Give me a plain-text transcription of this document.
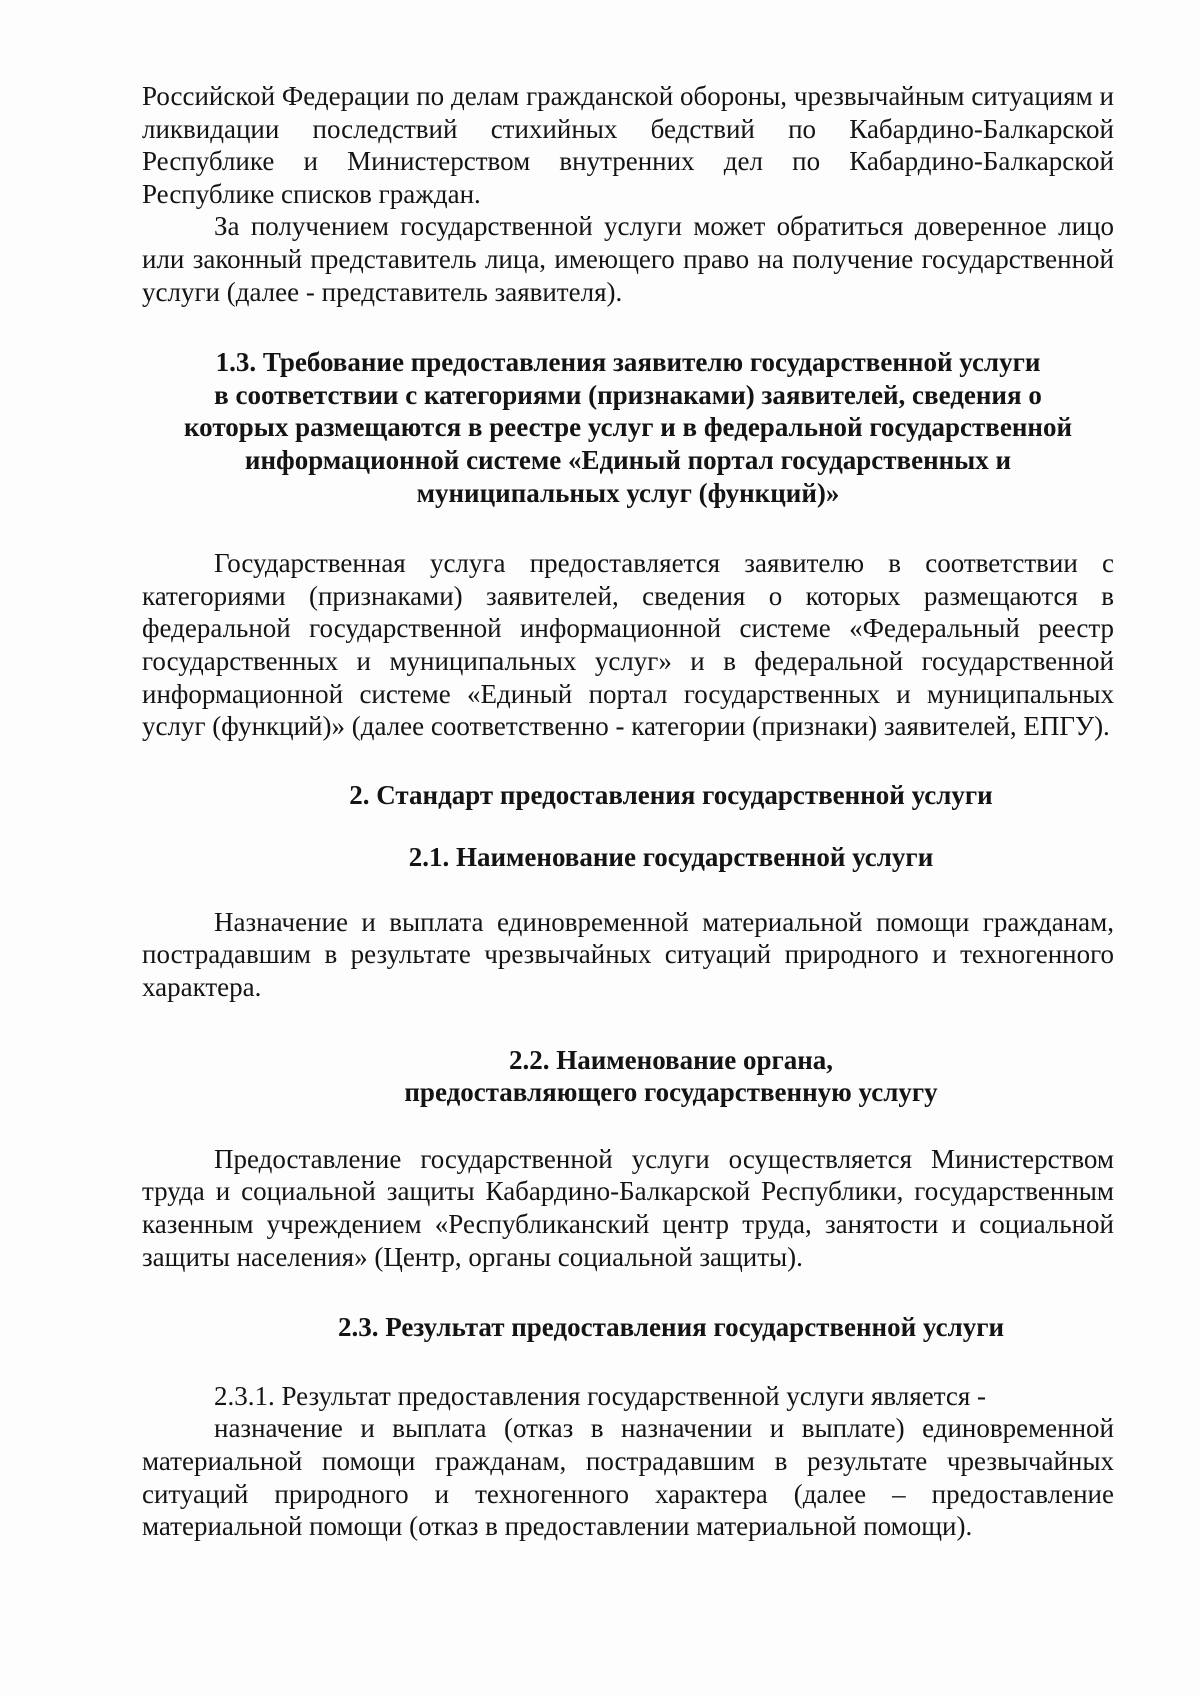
Российской Федерации по делам гражданской обороны, чрезвычайным ситуациям и ликвидации последствий стихийных бедствий по Кабардино-Балкарской Республике и Министерством внутренних дел по Кабардино-Балкарской Республике списков граждан.

За получением государственной услуги может обратиться доверенное лицо или законный представитель лица, имеющего право на получение государственной услуги (далее - представитель заявителя).

1.3. Требование предоставления заявителю государственной услуги
в соответствии с категориями (признаками) заявителей, сведения о
которых размещаются в реестре услуг и в федеральной государственной
информационной системе «Единый портал государственных и
муниципальных услуг (функций)»

Государственная услуга предоставляется заявителю в соответствии с категориями (признаками) заявителей, сведения о которых размещаются в федеральной государственной информационной системе «Федеральный реестр государственных и муниципальных услуг» и в федеральной государственной информационной системе «Единый портал государственных и муниципальных услуг (функций)» (далее соответственно - категории (признаки) заявителей, ЕПГУ).

2. Стандарт предоставления государственной услуги
2.1. Наименование государственной услуги

Назначение и выплата единовременной материальной помощи гражданам, пострадавшим в результате чрезвычайных ситуаций природного и техногенного характера.

2.2. Наименование органа,
предоставляющего государственную услугу

Предоставление государственной услуги осуществляется Министерством труда и социальной защиты Кабардино-Балкарской Республики, государственным казенным учреждением «Республиканский центр труда, занятости и социальной защиты населения» (Центр, органы социальной защиты).

2.3. Результат предоставления государственной услуги

2.3.1. Результат предоставления государственной услуги является -

назначение и выплата (отказ в назначении и выплате) единовременной материальной помощи гражданам, пострадавшим в результате чрезвычайных ситуаций природного и техногенного характера (далее – предоставление материальной помощи (отказ в предоставлении материальной помощи).
